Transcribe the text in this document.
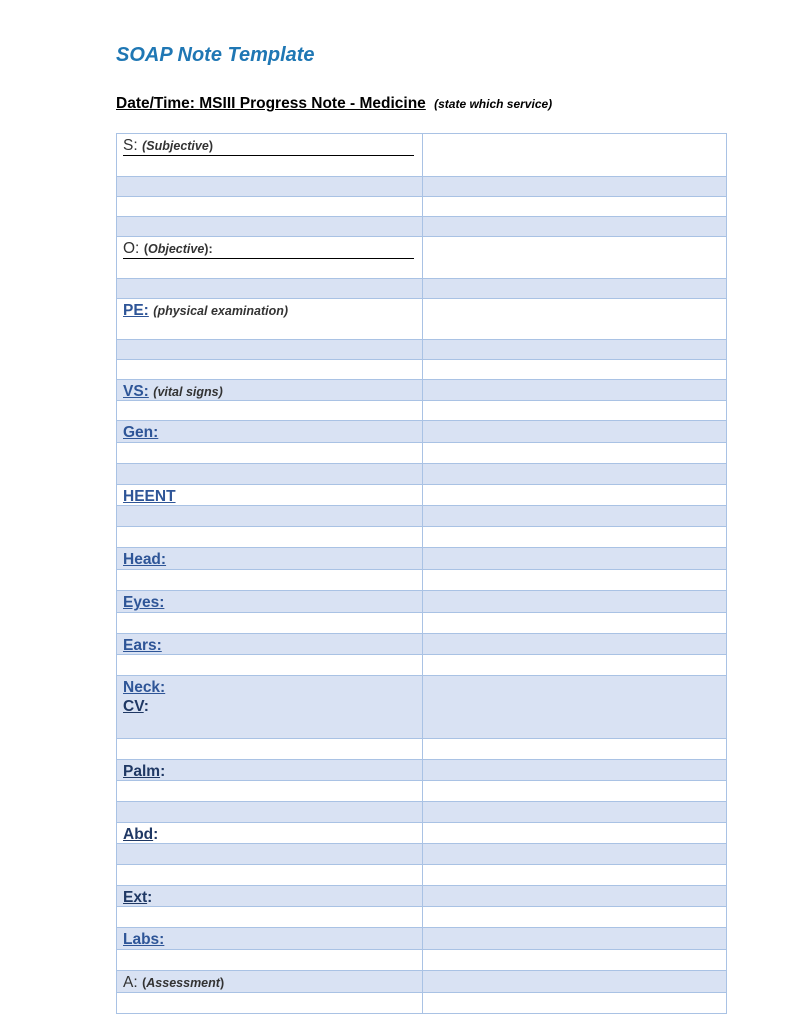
SOAP Note Template
Date/Time: MSIII Progress Note - Medicine (state which service)
S: (Subjective)
O: (Objective):
PE: (physical examination)
VS: (vital signs)
Gen:
HEENT
Head:
Eyes:
Ears:
Neck:
CV:
Palm:
Abd:
Ext:
Labs:
A: (Assessment)
